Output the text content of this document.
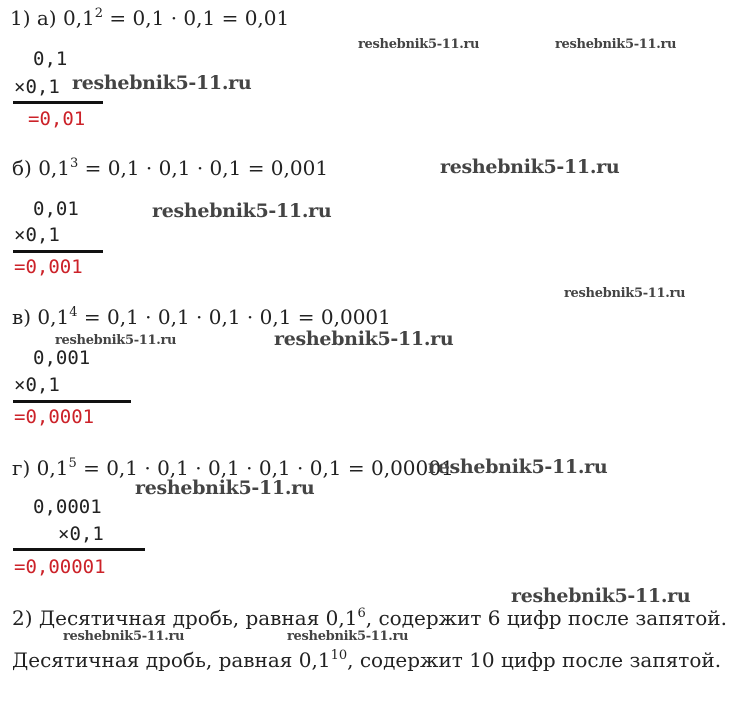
1) а) $0,1^2 = 0,1 \cdot 0,1 = 0,01$
0,1
×0,1
=0,01
б) $0,1^3 = 0,1 \cdot 0,1 \cdot 0,1 = 0,001$
0,01
×0,1
=0,001
в) $0,1^4 = 0,1 \cdot 0,1 \cdot 0,1 \cdot 0,1 = 0,0001$
0,001
×0,1
=0,0001
г) $0,1^5 = 0,1 \cdot 0,1 \cdot 0,1 \cdot 0,1 \cdot 0,1 = 0,00001$
0,0001
×0,1
=0,00001
2) Десятичная дробь, равная $0,1^6$, содержит 6 цифр после запятой.
Десятичная дробь, равная $0,1^{10}$, содержит 10 цифр после запятой.
reshebnik5-11.ru	reshebnik5-11.ru
reshebnik5-11.ru
reshebnik5-11.ru
reshebnik5-11.ru
reshebnik5-11.ru
reshebnik5-11.ru	reshebnik5-11.ru
reshebnik5-11.ru
reshebnik5-11.ru
reshebnik5-11.ru
reshebnik5-11.ru	reshebnik5-11.ru
